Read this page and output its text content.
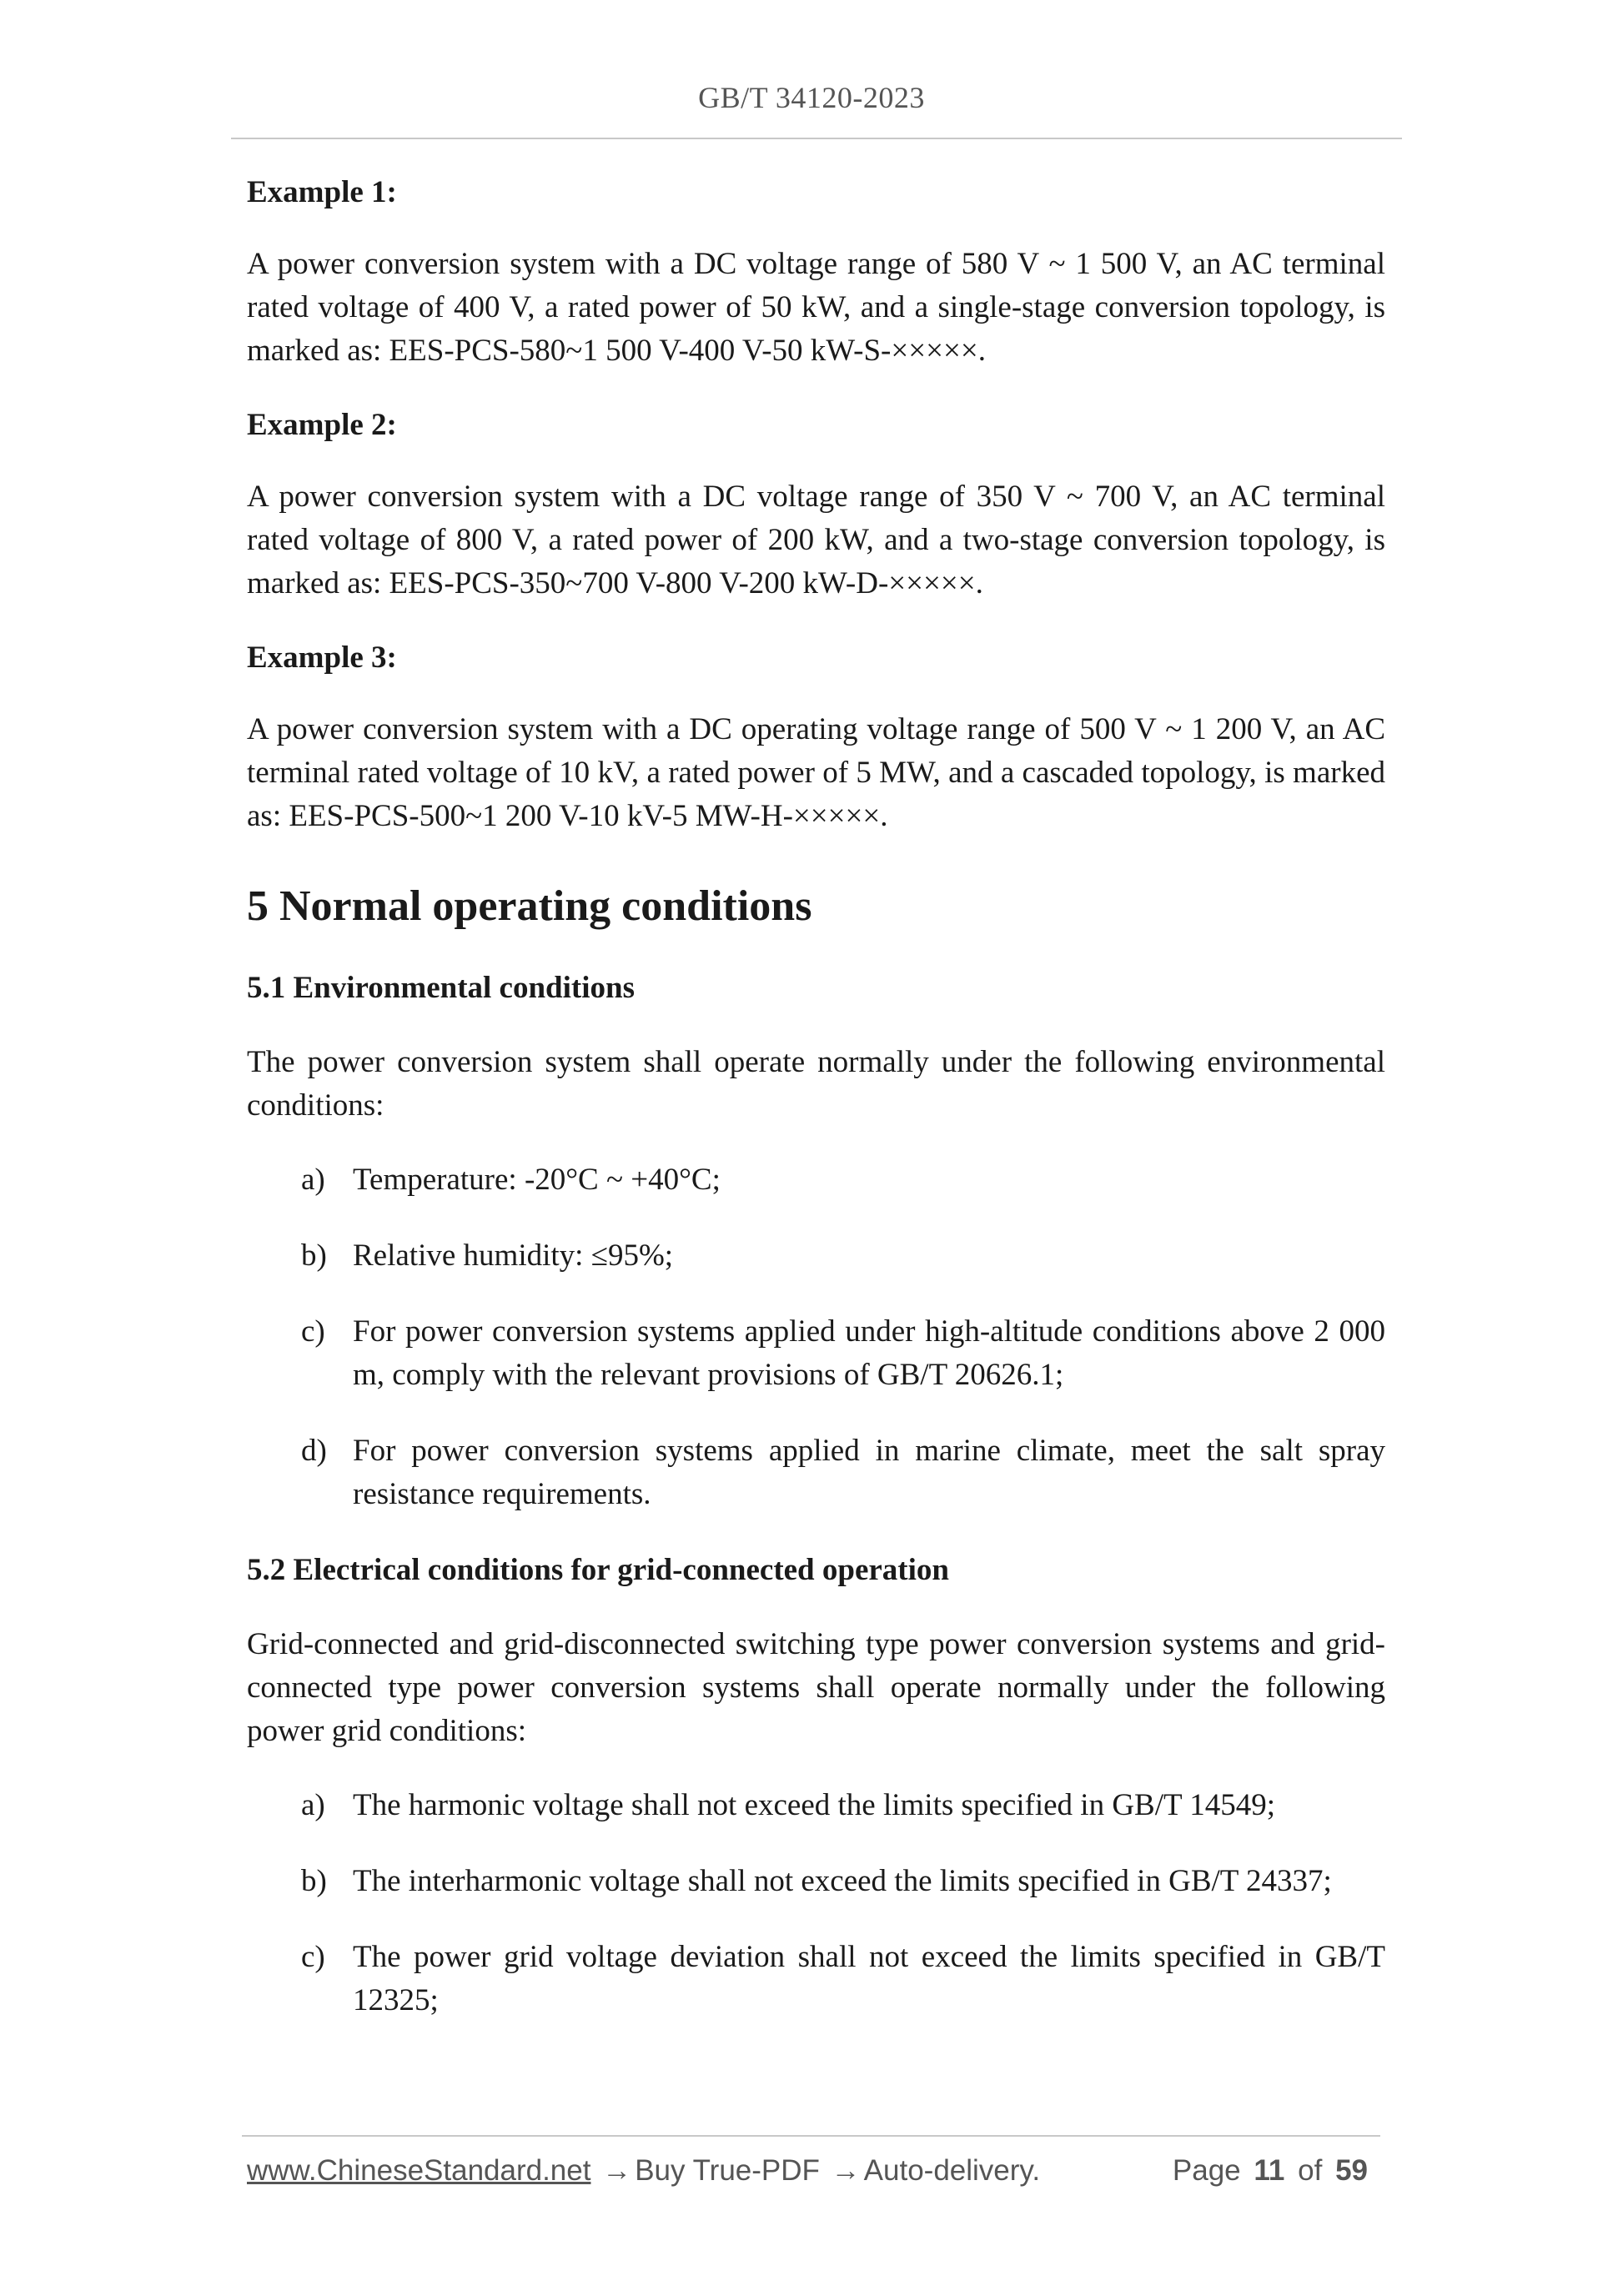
GB/T 34120-2023
Example 1:

A power conversion system with a DC voltage range of 580 V ~ 1 500 V, an AC terminal rated voltage of 400 V, a rated power of 50 kW, and a single-stage conversion topology, is marked as: EES-PCS-580~1 500 V-400 V-50 kW-S-×××××.

Example 2:

A power conversion system with a DC voltage range of 350 V ~ 700 V, an AC terminal rated voltage of 800 V, a rated power of 200 kW, and a two-stage conversion topology, is marked as: EES-PCS-350~700 V-800 V-200 kW-D-×××××.

Example 3:

A power conversion system with a DC operating voltage range of 500 V ~ 1 200 V, an AC terminal rated voltage of 10 kV, a rated power of 5 MW, and a cascaded topology, is marked as: EES-PCS-500~1 200 V-10 kV-5 MW-H-×××××.

5 Normal operating conditions
5.1 Environmental conditions

The power conversion system shall operate normally under the following environmental conditions:

a) Temperature: -20°C ~ +40°C;
b) Relative humidity: ≤95%;
c) For power conversion systems applied under high-altitude conditions above 2 000 m, comply with the relevant provisions of GB/T 20626.1;
d) For power conversion systems applied in marine climate, meet the salt spray resistance requirements.
5.2 Electrical conditions for grid-connected operation

Grid-connected and grid-disconnected switching type power conversion systems and grid-connected type power conversion systems shall operate normally under the following power grid conditions:

a) The harmonic voltage shall not exceed the limits specified in GB/T 14549;
b) The interharmonic voltage shall not exceed the limits specified in GB/T 24337;
c) The power grid voltage deviation shall not exceed the limits specified in GB/T 12325;
www.ChineseStandard.net → Buy True-PDF → Auto-delivery.	Page 11 of 59
